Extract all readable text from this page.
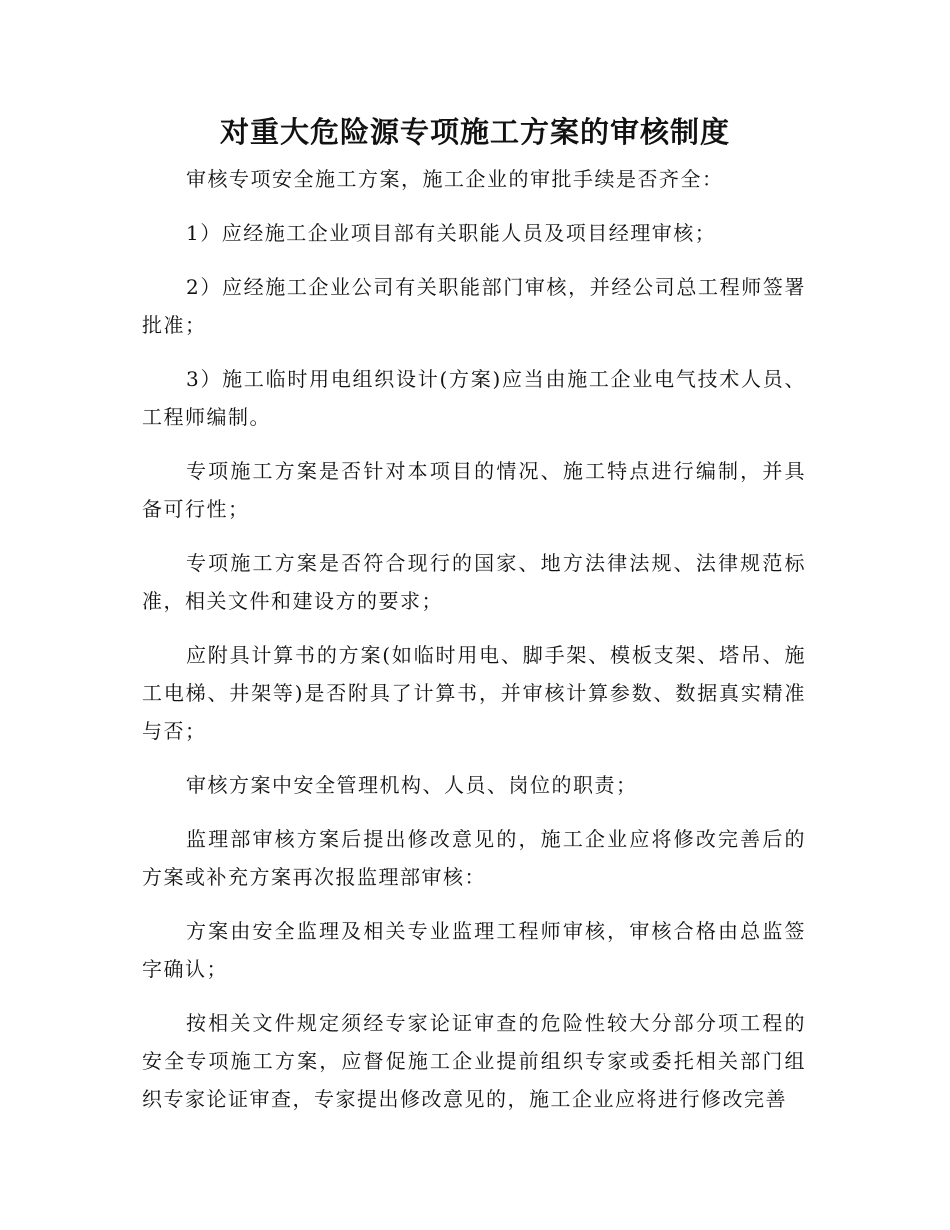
对重大危险源专项施工方案的审核制度

审核专项安全施工方案，施工企业的审批手续是否齐全：

1）应经施工企业项目部有关职能人员及项目经理审核；

2）应经施工企业公司有关职能部门审核，并经公司总工程师签署批准；

3）施工临时用电组织设计(方案)应当由施工企业电气技术人员、工程师编制。

专项施工方案是否针对本项目的情况、施工特点进行编制，并具备可行性；

专项施工方案是否符合现行的国家、地方法律法规、法律规范标准，相关文件和建设方的要求；

应附具计算书的方案(如临时用电、脚手架、模板支架、塔吊、施工电梯、井架等)是否附具了计算书，并审核计算参数、数据真实精准与否；

审核方案中安全管理机构、人员、岗位的职责；

监理部审核方案后提出修改意见的，施工企业应将修改完善后的方案或补充方案再次报监理部审核：

方案由安全监理及相关专业监理工程师审核，审核合格由总监签字确认；

按相关文件规定须经专家论证审查的危险性较大分部分项工程的安全专项施工方案，应督促施工企业提前组织专家或委托相关部门组织专家论证审查，专家提出修改意见的，施工企业应将进行修改完善
